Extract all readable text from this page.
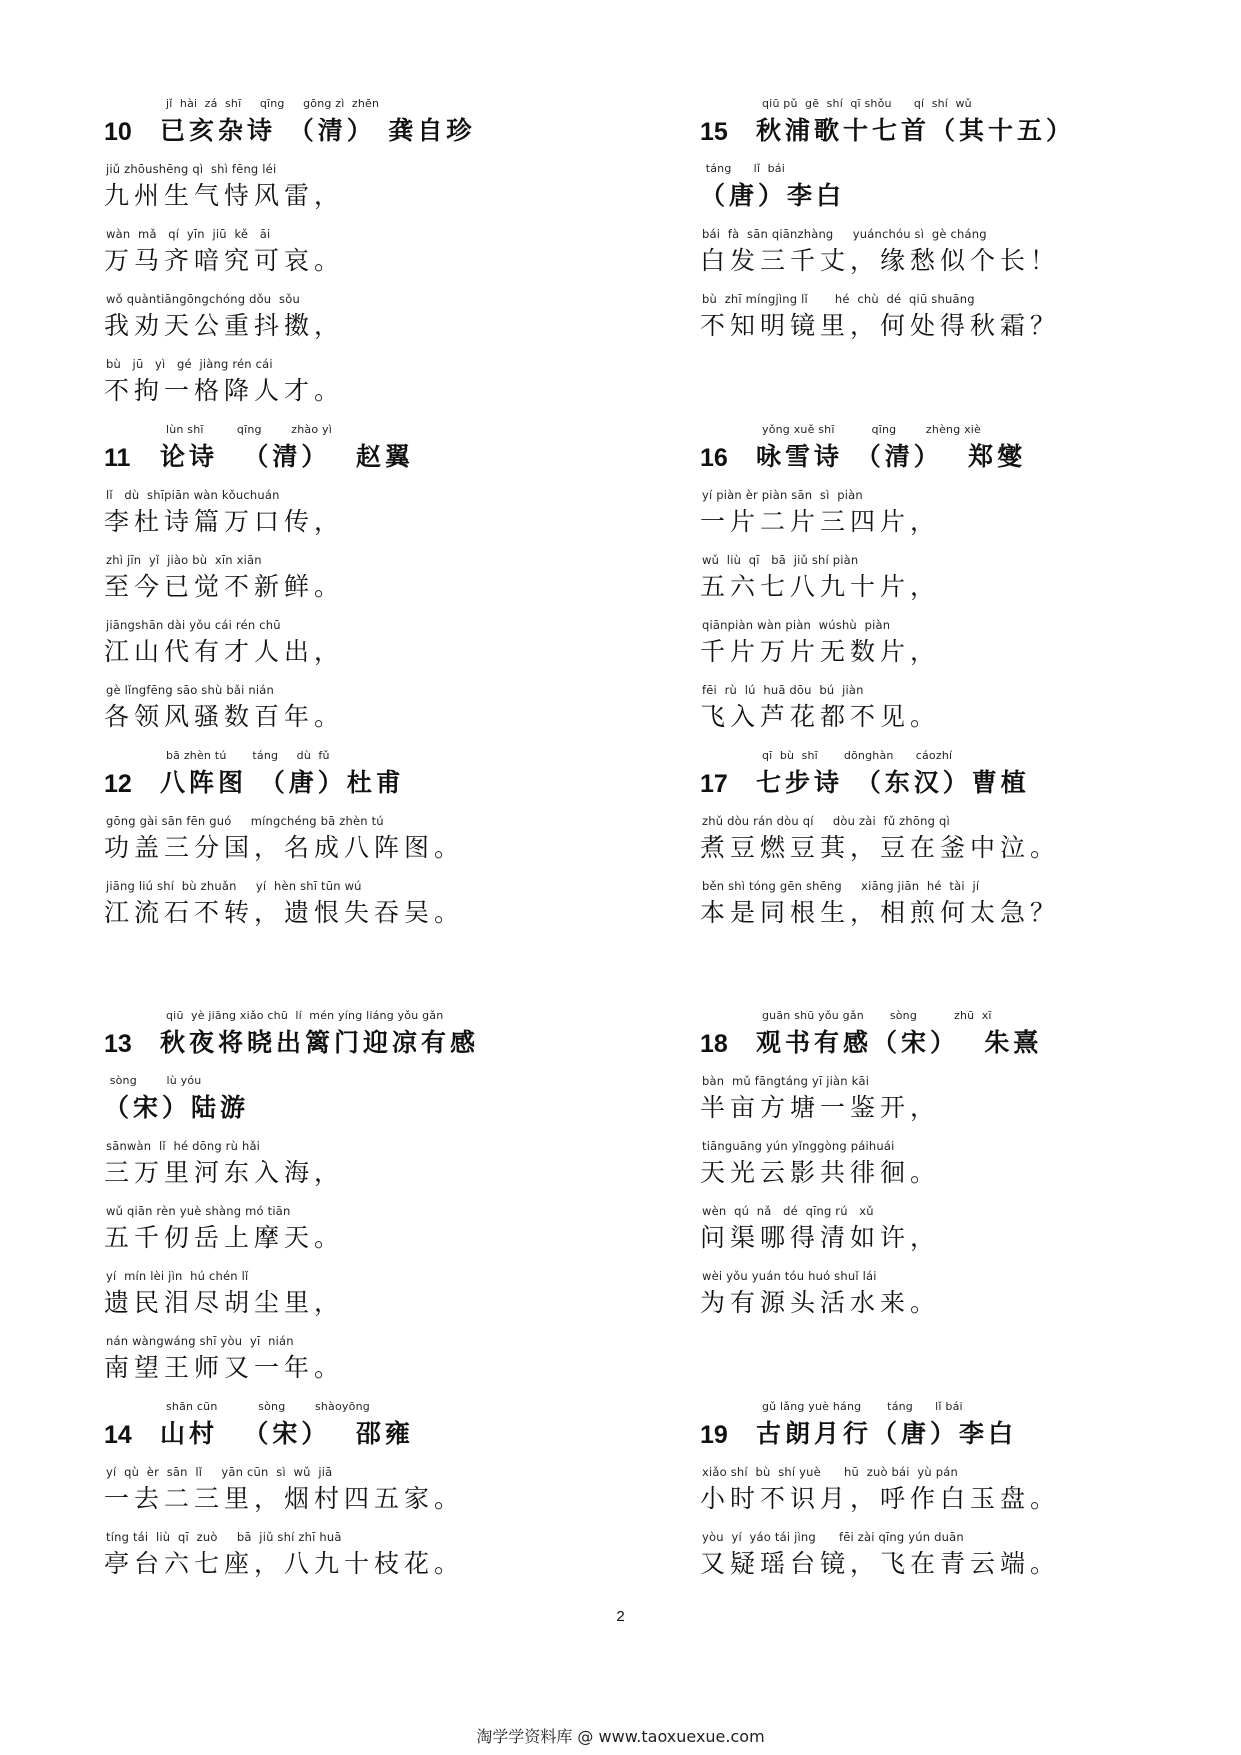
10
jǐ  hài  zá  shī     qīng     gōng zì  zhēn
已亥杂诗 （清） 龚自珍
jiǔ zhōushēng qì  shì fēng léi
九州生气恃风雷，
wàn  mǎ   qí  yīn  jiū  kě   āi
万马齐喑究可哀。
wǒ quàntiāngōngchóng dǒu  sǒu
我劝天公重抖擞，
bù   jū   yì   gé  jiàng rén cái
不拘一格降人才。
11
lùn shī         qīng        zhào yì
论诗  （清）  赵翼
lǐ   dù  shīpiān wàn kǒuchuán
李杜诗篇万口传，
zhì jīn  yǐ  jiào bù  xīn xiān
至今已觉不新鲜。
jiāngshān dài yǒu cái rén chū
江山代有才人出，
gè lǐngfēng sāo shù bǎi nián
各领风骚数百年。
12
bā zhèn tú       táng     dù  fǔ
八阵图 （唐）杜甫
gōng gài sān fēn guó     míngchéng bā zhèn tú
功盖三分国，名成八阵图。
jiāng liú shí  bù zhuǎn     yí  hèn shī tūn wú
江流石不转，遗恨失吞吴。
13
qiū  yè jiāng xiǎo chū  lí  mén yíng liáng yǒu gǎn
秋夜将晓出篱门迎凉有感
sòng        lù yóu
（宋）陆游
sānwàn  lǐ  hé dōng rù hǎi
三万里河东入海，
wǔ qiān rèn yuè shàng mó tiān
五千仞岳上摩天。
yí  mín lèi jìn  hú chén lǐ
遗民泪尽胡尘里，
nán wàngwáng shī yòu  yī  nián
南望王师又一年。
14
shān cūn           sòng        shàoyōng
山村  （宋）  邵雍
yí  qù  èr  sān  lǐ     yān cūn  sì  wǔ  jiā
一去二三里，烟村四五家。
tíng tái  liù  qī  zuò     bā  jiǔ shí zhī huā
亭台六七座，八九十枝花。
15
qiū pǔ  gē  shí  qī shǒu      qí  shí  wǔ
秋浦歌十七首（其十五）
táng      lǐ  bái
（唐）李白
bái  fà  sān qiānzhàng     yuánchóu sì  gè cháng
白发三千丈，缘愁似个长！
bù  zhī míngjìng lǐ       hé  chù  dé  qiū shuāng
不知明镜里，何处得秋霜？
16
yǒng xuě shī          qīng        zhèng xiè
咏雪诗 （清）  郑燮
yí piàn èr piàn sān  sì  piàn
一片二片三四片，
wǔ  liù  qī   bā  jiǔ shí piàn
五六七八九十片，
qiānpiàn wàn piàn  wúshù  piàn
千片万片无数片，
fēi  rù  lú  huā dōu  bú  jiàn
飞入芦花都不见。
17
qī  bù  shī       dōnghàn      cáozhí
七步诗 （东汉）曹植
zhǔ dòu rán dòu qí     dòu zài  fǔ zhōng qì
煮豆燃豆萁，豆在釜中泣。
běn shì tóng gēn shēng     xiāng jiān  hé  tài  jí
本是同根生，相煎何太急？
18
guān shū yǒu gǎn       sòng          zhū  xī
观书有感（宋）  朱熹
bàn  mǔ fāngtáng yī jiàn kāi
半亩方塘一鉴开，
tiānguāng yún yǐnggòng páihuái
天光云影共徘徊。
wèn  qú  nǎ   dé  qīng rú   xǔ
问渠哪得清如许，
wèi yǒu yuán tóu huó shuǐ lái
为有源头活水来。
19
gǔ lǎng yuè háng       táng      lǐ bái
古朗月行（唐）李白
xiǎo shí  bù  shí yuè      hū  zuò bái  yù pán
小时不识月，呼作白玉盘。
yòu  yí  yáo tái jìng      fēi zài qīng yún duān
又疑瑶台镜，飞在青云端。
2
淘学学资料库 @ www.taoxuexue.com
